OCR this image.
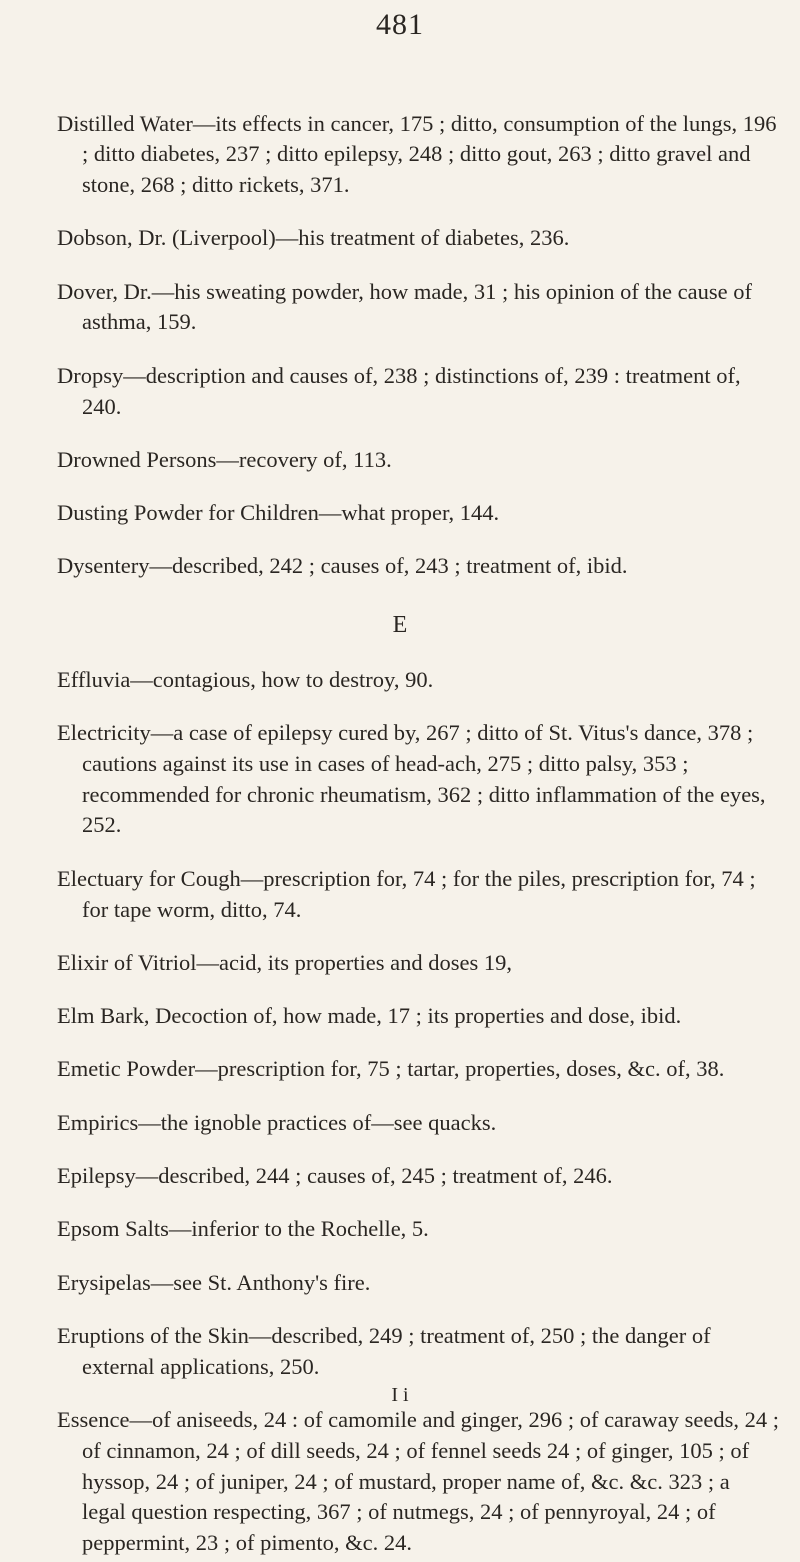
481

Distilled Water—its effects in cancer, 175 ; ditto, consumption of the lungs, 196 ; ditto diabetes, 237 ; ditto epilepsy, 248 ; ditto gout, 263 ; ditto gravel and stone, 268 ; ditto rickets, 371.

Dobson, Dr. (Liverpool)—his treatment of diabetes, 236.

Dover, Dr.—his sweating powder, how made, 31 ; his opinion of the cause of asthma, 159.

Dropsy—description and causes of, 238 ; distinctions of, 239 : treatment of, 240.

Drowned Persons—recovery of, 113.

Dusting Powder for Children—what proper, 144.

Dysentery—described, 242 ; causes of, 243 ; treatment of, ibid.

E

Effluvia—contagious, how to destroy, 90.

Electricity—a case of epilepsy cured by, 267 ; ditto of St. Vitus's dance, 378 ; cautions against its use in cases of head-ach, 275 ; ditto palsy, 353 ; recommended for chronic rheumatism, 362 ; ditto inflammation of the eyes, 252.

Electuary for Cough—prescription for, 74 ; for the piles, prescription for, 74 ; for tape worm, ditto, 74.

Elixir of Vitriol—acid, its properties and doses 19,

Elm Bark, Decoction of, how made, 17 ; its properties and dose, ibid.

Emetic Powder—prescription for, 75 ; tartar, properties, doses, &c. of, 38.

Empirics—the ignoble practices of—see quacks.

Epilepsy—described, 244 ; causes of, 245 ; treatment of, 246.

Epsom Salts—inferior to the Rochelle, 5.

Erysipelas—see St. Anthony's fire.

Eruptions of the Skin—described, 249 ; treatment of, 250 ; the danger of external applications, 250.

Essence—of aniseeds, 24 : of camomile and ginger, 296 ; of caraway seeds, 24 ; of cinnamon, 24 ; of dill seeds, 24 ; of fennel seeds 24 ; of ginger, 105 ; of hyssop, 24 ; of juniper, 24 ; of mustard, proper name of, &c. &c. 323 ; a legal question respecting, 367 ; of nutmegs, 24 ; of pennyroyal, 24 ; of peppermint, 23 ; of pimento, &c. 24.

I i
